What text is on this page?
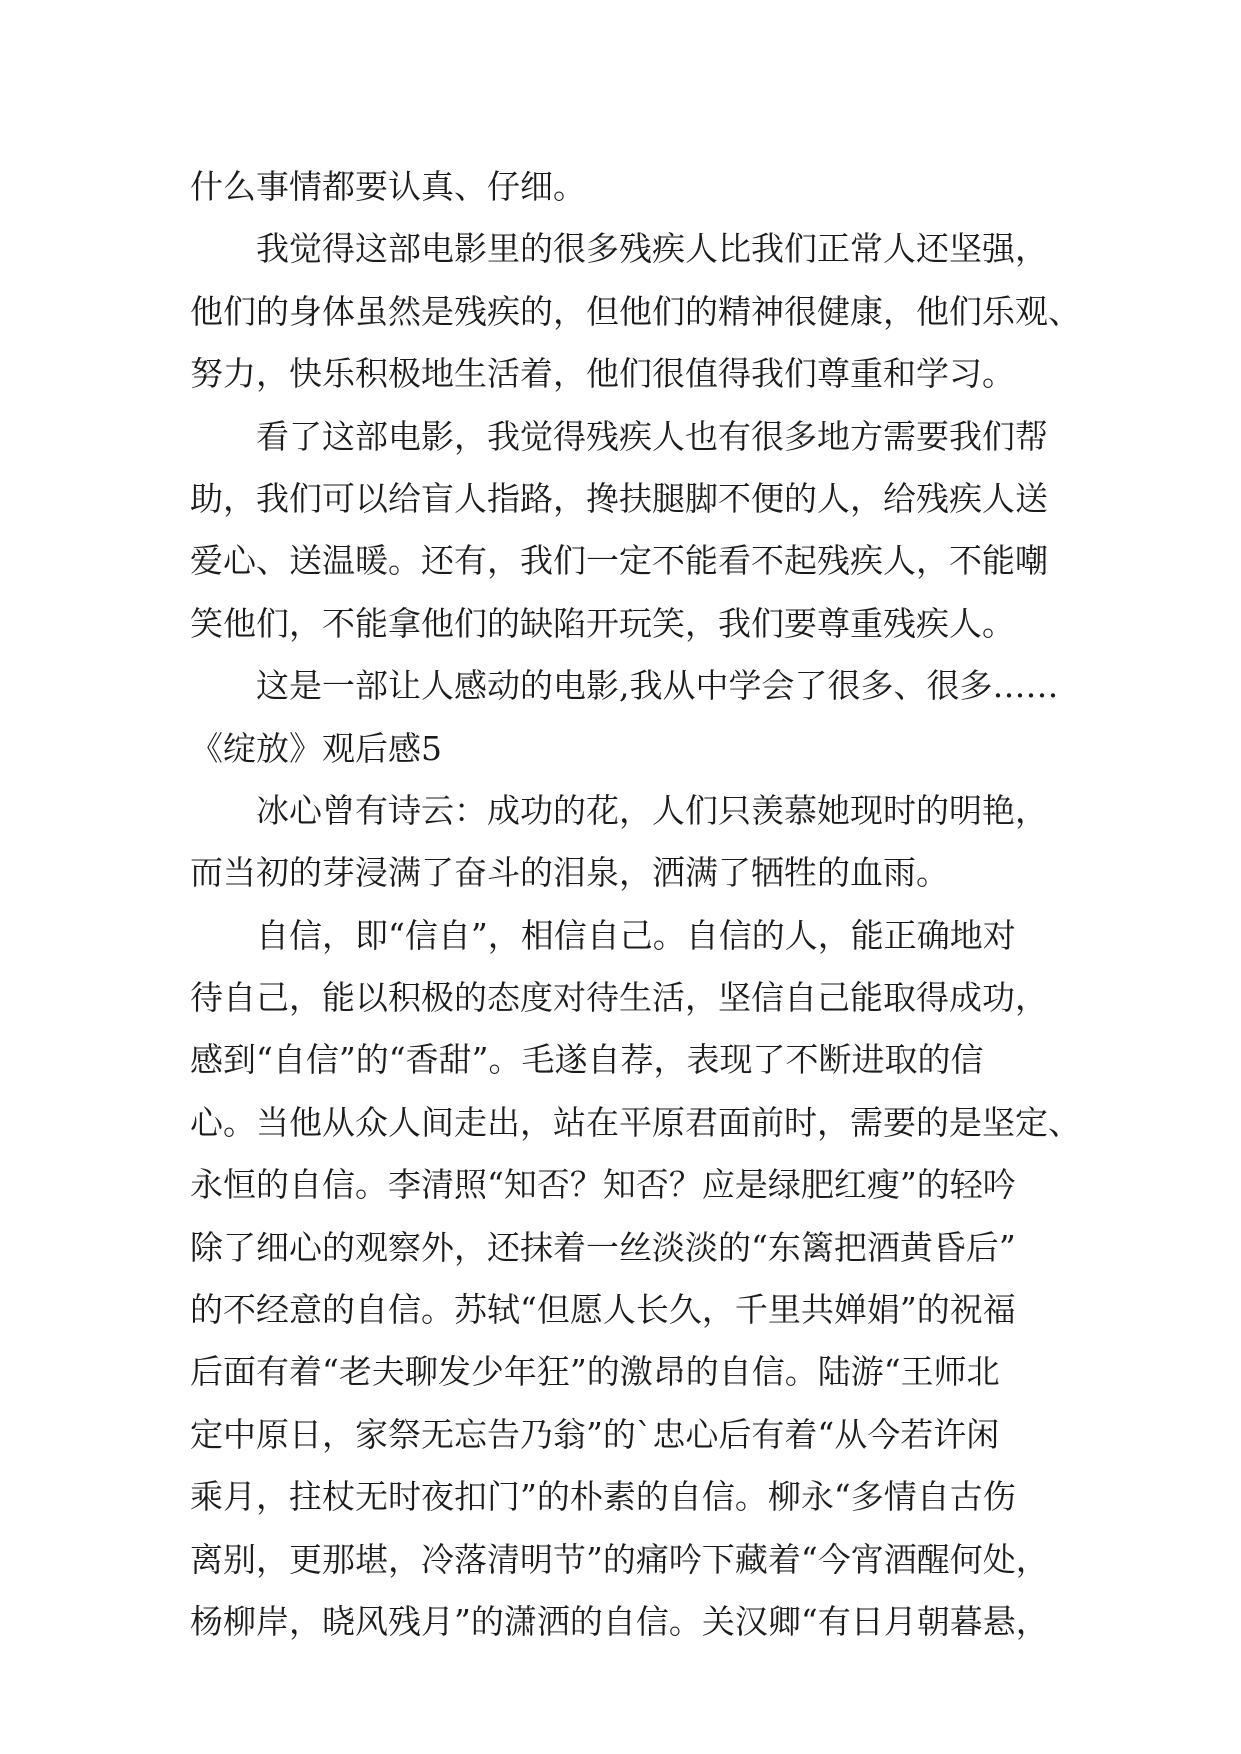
什么事情都要认真、仔细。
我觉得这部电影里的很多残疾人比我们正常人还坚强，
他们的身体虽然是残疾的，但他们的精神很健康，他们乐观、
努力，快乐积极地生活着，他们很值得我们尊重和学习。
看了这部电影，我觉得残疾人也有很多地方需要我们帮
助，我们可以给盲人指路，搀扶腿脚不便的人，给残疾人送
爱心、送温暖。还有，我们一定不能看不起残疾人，不能嘲
笑他们，不能拿他们的缺陷开玩笑，我们要尊重残疾人。
这是一部让人感动的电影,我从中学会了很多、很多……
《绽放》观后感5
冰心曾有诗云：成功的花，人们只羡慕她现时的明艳，
而当初的芽浸满了奋斗的泪泉，洒满了牺牲的血雨。
自信，即“信自”，相信自己。自信的人，能正确地对
待自己，能以积极的态度对待生活，坚信自己能取得成功，
感到“自信”的“香甜”。毛遂自荐，表现了不断进取的信
心。当他从众人间走出，站在平原君面前时，需要的是坚定、
永恒的自信。李清照“知否？知否？应是绿肥红瘦”的轻吟
除了细心的观察外，还抹着一丝淡淡的“东篱把酒黄昏后”
的不经意的自信。苏轼“但愿人长久，千里共婵娟”的祝福
后面有着“老夫聊发少年狂”的激昂的自信。陆游“王师北
定中原日，家祭无忘告乃翁”的`忠心后有着“从今若许闲
乘月，拄杖无时夜扣门”的朴素的自信。柳永“多情自古伤
离别，更那堪，冷落清明节”的痛吟下藏着“今宵酒醒何处，
杨柳岸，晓风残月”的潇洒的自信。关汉卿“有日月朝暮悬，
